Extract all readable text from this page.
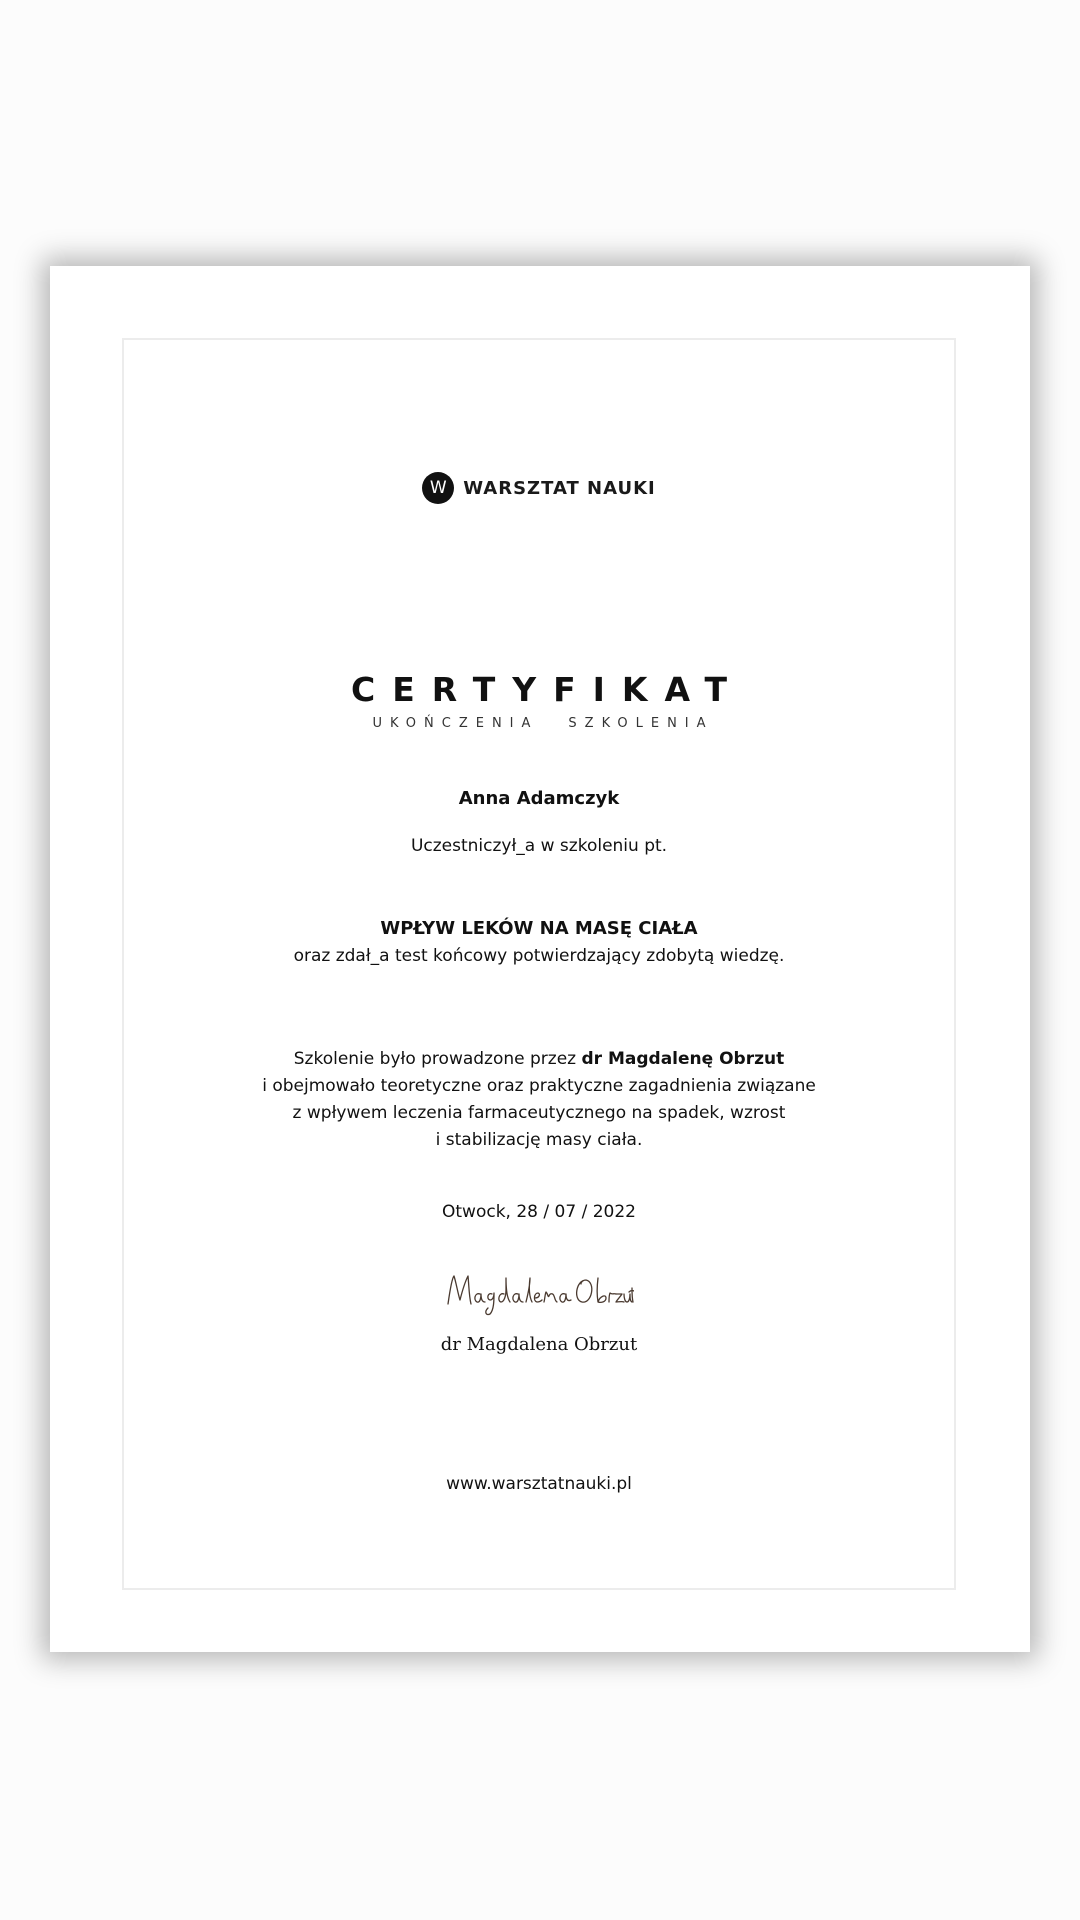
W WARSZTAT NAUKI
CERTYFIKAT
UKOŃCZENIA SZKOLENIA
Anna Adamczyk
Uczestniczył_a w szkoleniu pt.
WPŁYW LEKÓW NA MASĘ CIAŁA
oraz zdał_a test końcowy potwierdzający zdobytą wiedzę.
Szkolenie było prowadzone przez dr Magdalenę Obrzut
i obejmowało teoretyczne oraz praktyczne zagadnienia związane
z wpływem leczenia farmaceutycznego na spadek, wzrost
i stabilizację masy ciała.
Otwock, 28 / 07 / 2022
dr Magdalena Obrzut
www.warsztatnauki.pl
